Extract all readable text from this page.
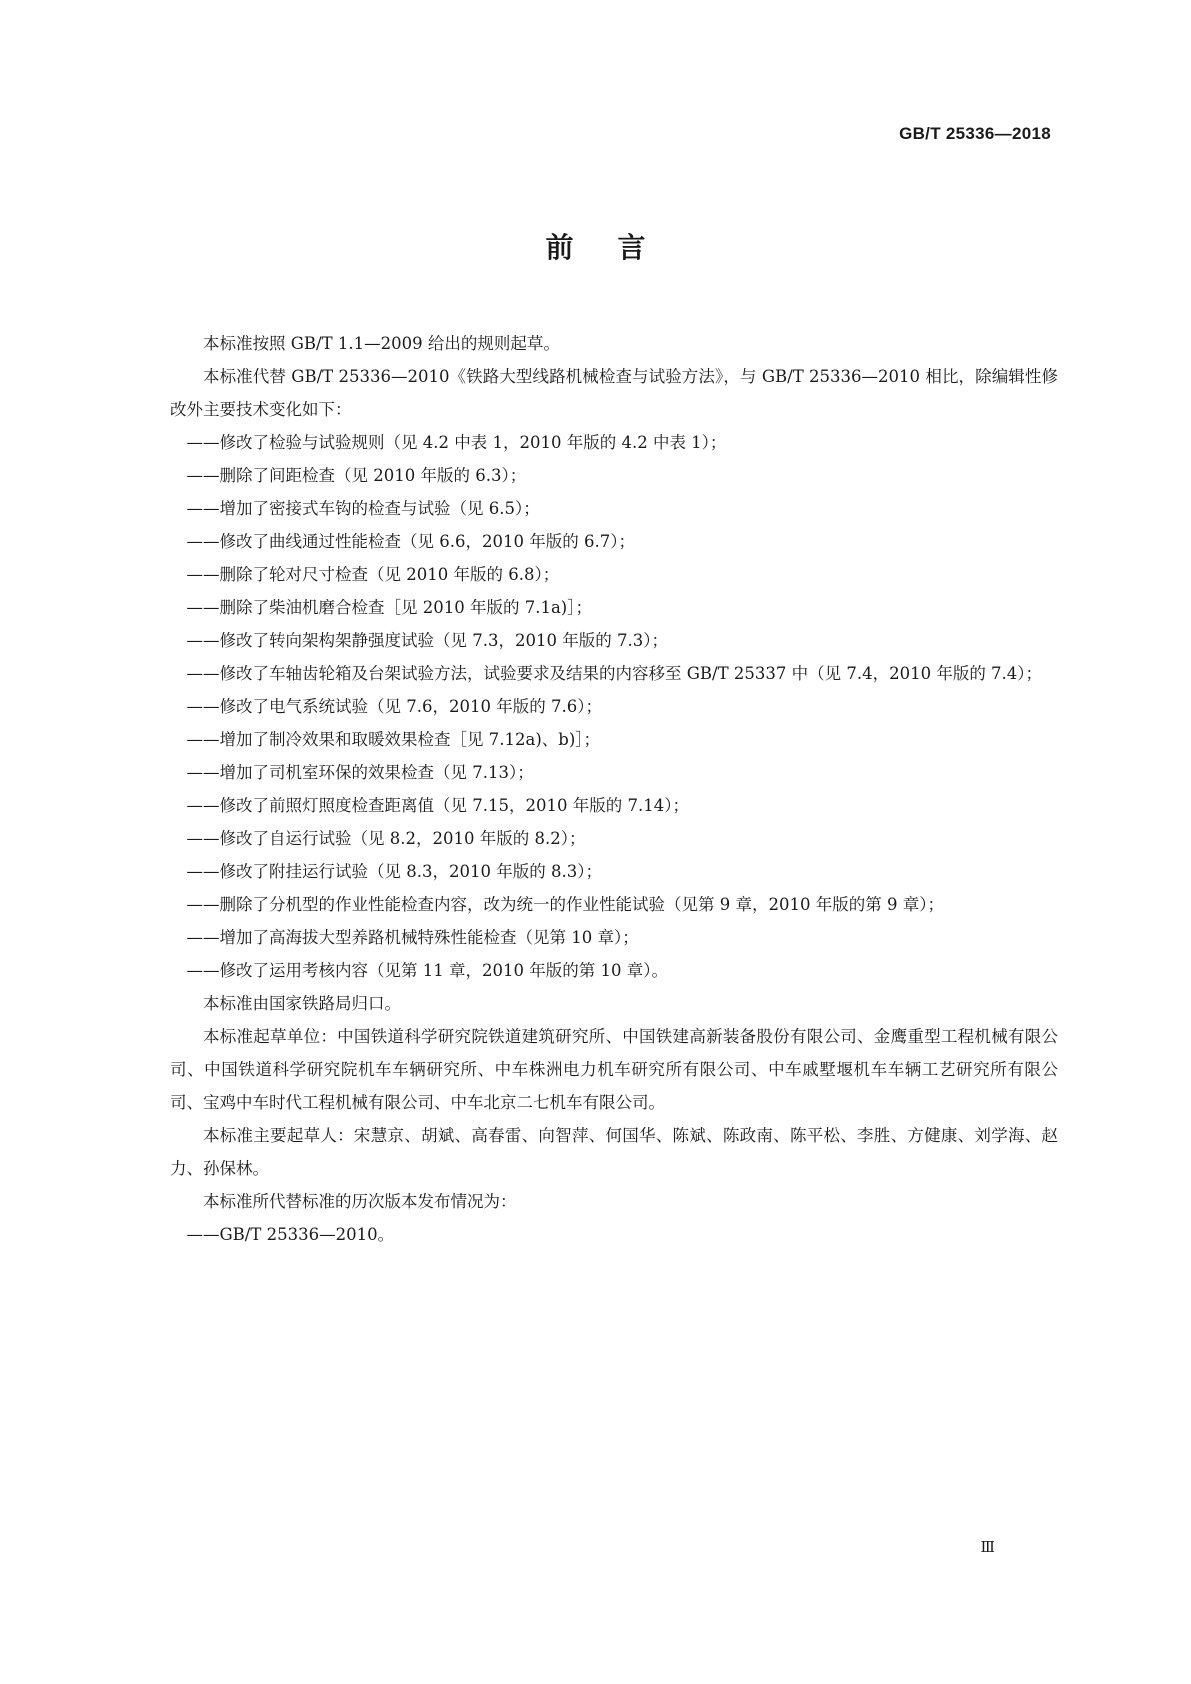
GB/T 25336—2018
前言

本标准按照 GB/T 1.1—2009 给出的规则起草。

本标准代替 GB/T 25336—2010《铁路大型线路机械检查与试验方法》，与 GB/T 25336—2010 相比，除编辑性修改外主要技术变化如下：

——修改了检验与试验规则（见 4.2 中表 1，2010 年版的 4.2 中表 1）；

——删除了间距检查（见 2010 年版的 6.3）；

——增加了密接式车钩的检查与试验（见 6.5）；

——修改了曲线通过性能检查（见 6.6，2010 年版的 6.7）；

——删除了轮对尺寸检查（见 2010 年版的 6.8）；

——删除了柴油机磨合检查［见 2010 年版的 7.1a)］；

——修改了转向架构架静强度试验（见 7.3，2010 年版的 7.3）；

——修改了车轴齿轮箱及台架试验方法，试验要求及结果的内容移至 GB/T 25337 中（见 7.4，2010 年版的 7.4）；

——修改了电气系统试验（见 7.6，2010 年版的 7.6）；

——增加了制冷效果和取暖效果检查［见 7.12a)、b)］；

——增加了司机室环保的效果检查（见 7.13）；

——修改了前照灯照度检查距离值（见 7.15，2010 年版的 7.14）；

——修改了自运行试验（见 8.2，2010 年版的 8.2）；

——修改了附挂运行试验（见 8.3，2010 年版的 8.3）；

——删除了分机型的作业性能检查内容，改为统一的作业性能试验（见第 9 章，2010 年版的第 9 章）；

——增加了高海拔大型养路机械特殊性能检查（见第 10 章）；

——修改了运用考核内容（见第 11 章，2010 年版的第 10 章）。

本标准由国家铁路局归口。

本标准起草单位：中国铁道科学研究院铁道建筑研究所、中国铁建高新装备股份有限公司、金鹰重型工程机械有限公司、中国铁道科学研究院机车车辆研究所、中车株洲电力机车研究所有限公司、中车戚墅堰机车车辆工艺研究所有限公司、宝鸡中车时代工程机械有限公司、中车北京二七机车有限公司。

本标准主要起草人：宋慧京、胡斌、高春雷、向智萍、何国华、陈斌、陈政南、陈平松、李胜、方健康、刘学海、赵力、孙保林。

本标准所代替标准的历次版本发布情况为：

——GB/T 25336—2010。

Ⅲ
